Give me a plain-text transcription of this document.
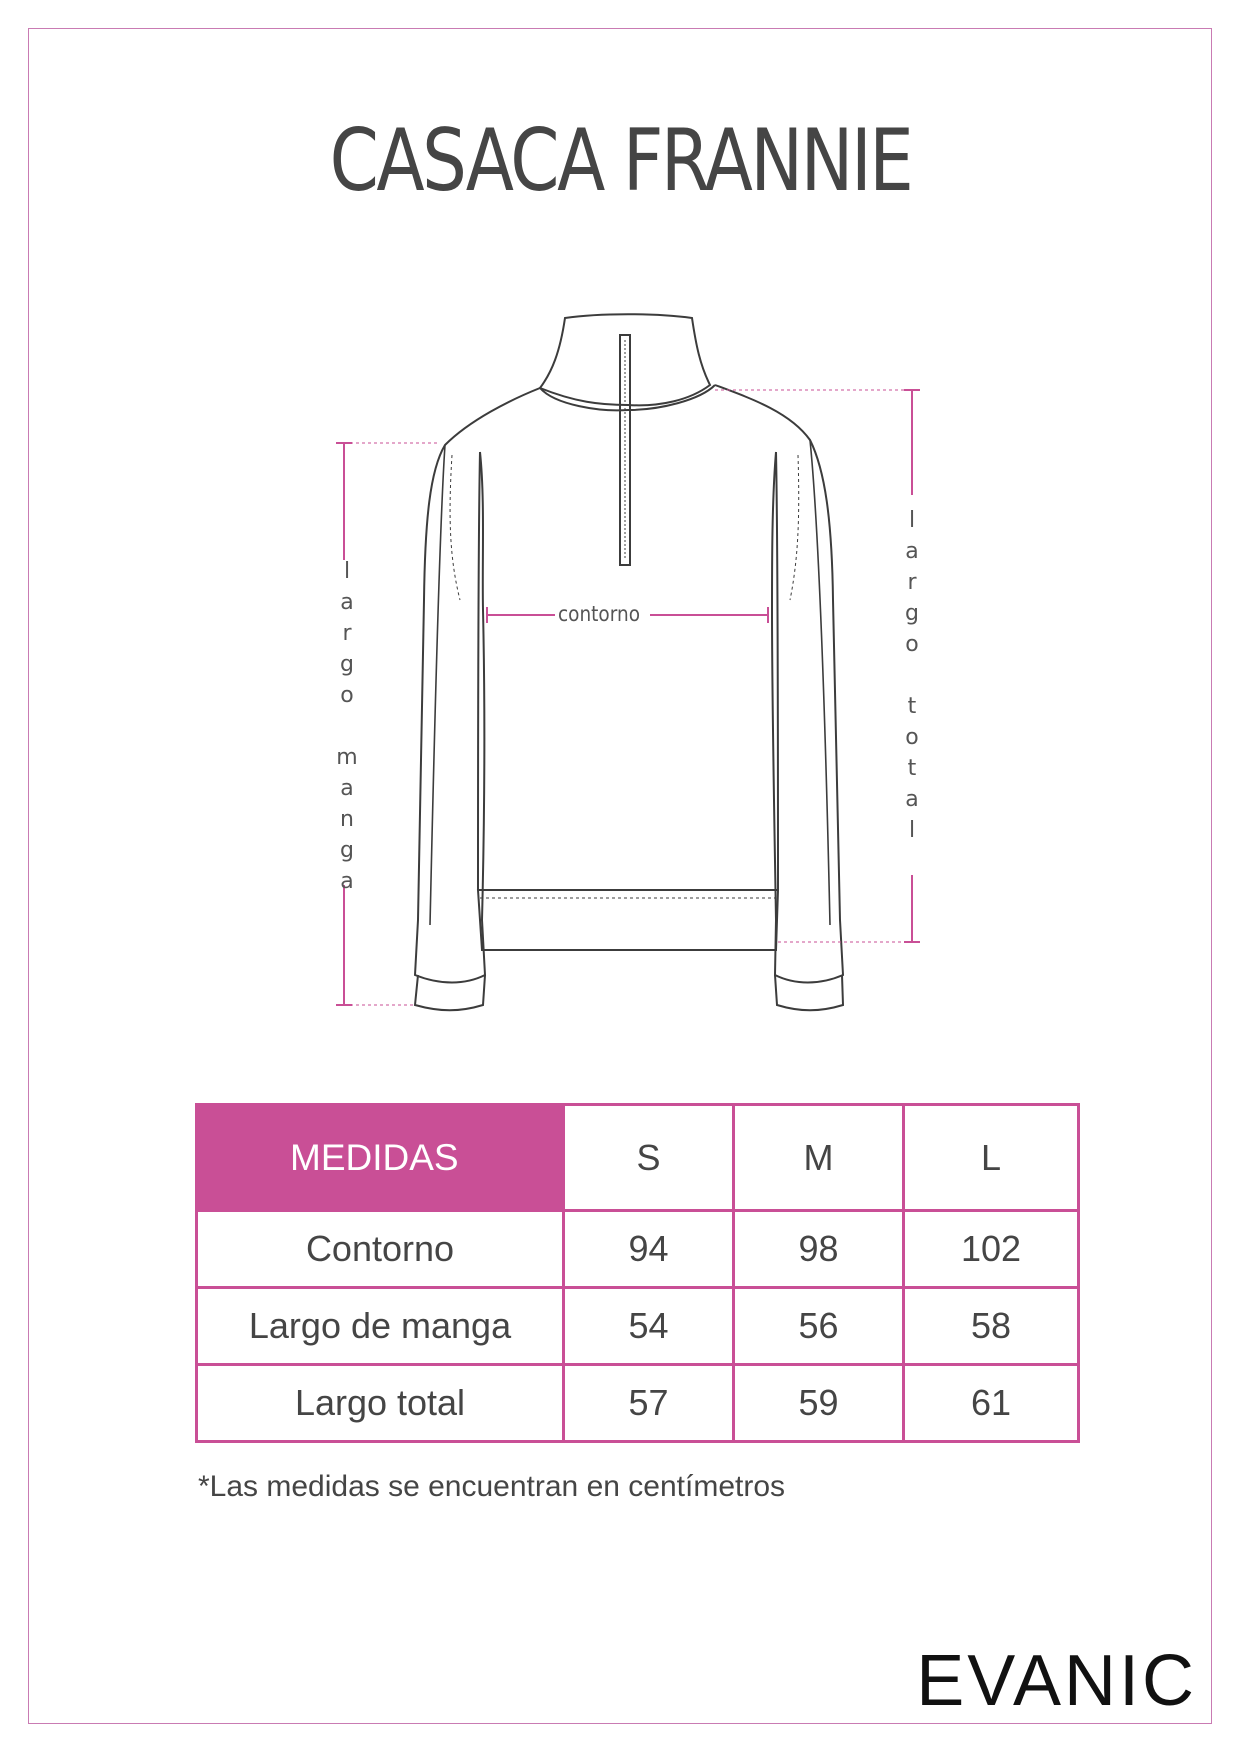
CASACA FRANNIE
l
a
r
g
o

m
a
n
g
a
l
a
r
g
o

t
o
t
a
l
contorno
MEDIDAS	S	M	L
Contorno	94	98	102
Largo de manga	54	56	58
Largo total	57	59	61
*Las medidas se encuentran en centímetros
EVANIC
